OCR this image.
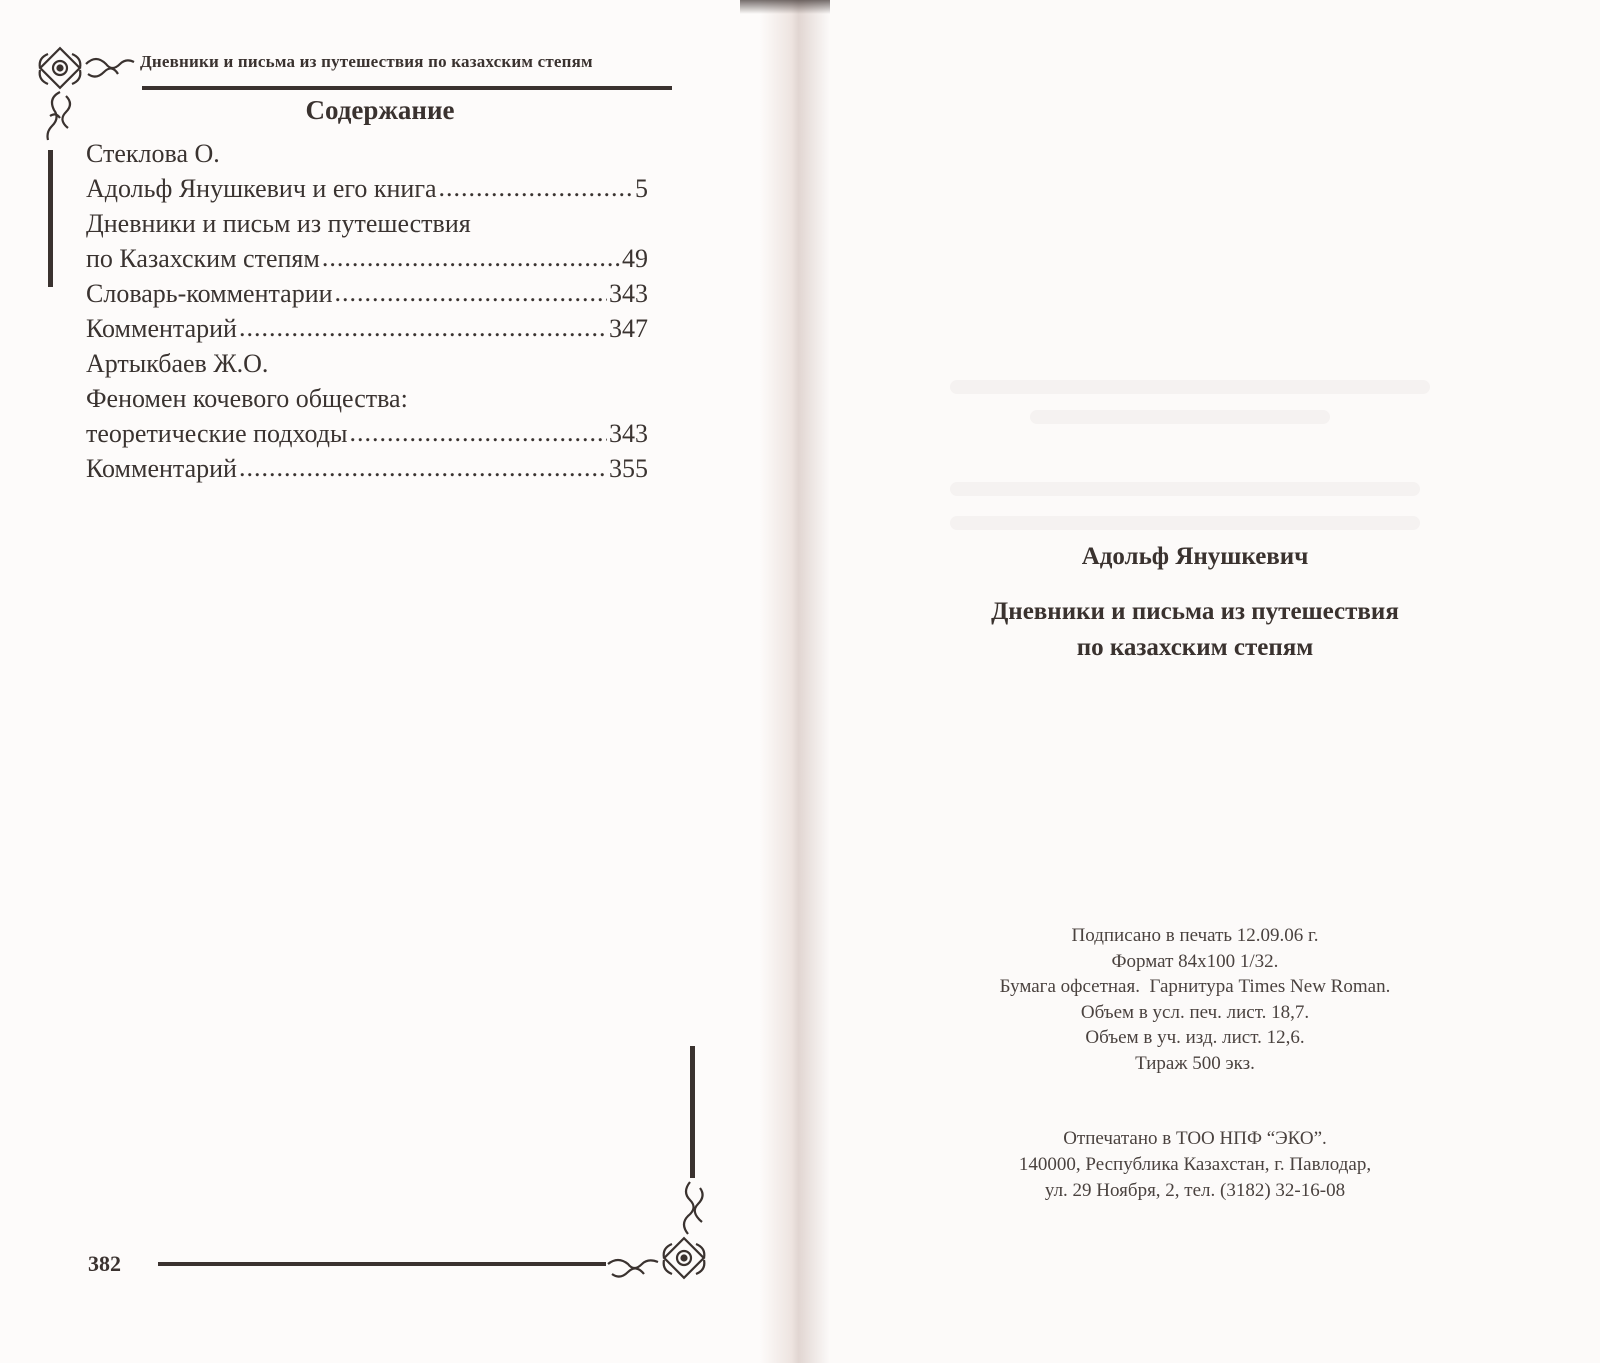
Дневники и письма из путешествия по казахским степям
Содержание
Стеклова О.
Адольф Янушкевич и его книга .....	5
Дневники и письм из путешествия
по Казахским степям .....	49
Словарь-комментарии .....	343
Комментарий .....	347
Артыкбаев Ж.О.
Феномен кочевого общества:
теоретические подходы .....	343
Комментарий .....	355
382
Адольф Янушкевич
Дневники и письма из путешествия
по казахским степям
Подписано в печать 12.09.06 г.
Формат 84x100 1/32.
Бумага офсетная.  Гарнитура Times New Roman.
Объем в усл. печ. лист. 18,7.
Объем в уч. изд. лист. 12,6.
Тираж 500 экз.
Отпечатано в ТОО НПФ “ЭКО”.
140000, Республика Казахстан, г. Павлодар,
ул. 29 Ноября, 2, тел. (3182) 32-16-08
